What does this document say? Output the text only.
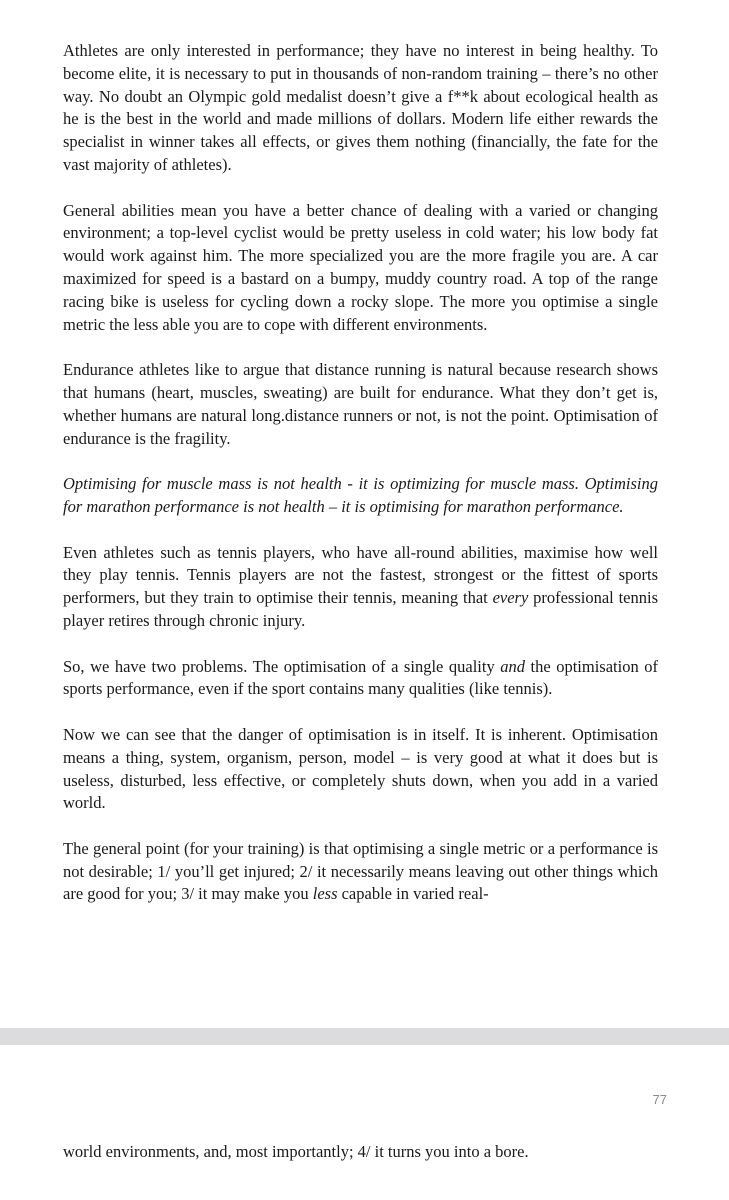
Athletes are only interested in performance; they have no interest in being healthy. To become elite, it is necessary to put in thousands of non-random training – there’s no other way. No doubt an Olympic gold medalist doesn’t give a f**k about ecological health as he is the best in the world and made millions of dollars. Modern life either rewards the specialist in winner takes all effects, or gives them nothing (financially, the fate for the vast majority of athletes).

General abilities mean you have a better chance of dealing with a varied or changing environment; a top-level cyclist would be pretty useless in cold water; his low body fat would work against him. The more specialized you are the more fragile you are. A car maximized for speed is a bastard on a bumpy, muddy country road. A top of the range racing bike is useless for cycling down a rocky slope. The more you optimise a single metric the less able you are to cope with different environments.

Endurance athletes like to argue that distance running is natural because research shows that humans (heart, muscles, sweating) are built for endurance. What they don’t get is, whether humans are natural long.distance runners or not, is not the point. Optimisation of endurance is the fragility.

Optimising for muscle mass is not health - it is optimizing for muscle mass. Optimising for marathon performance is not health – it is optimising for marathon performance.

Even athletes such as tennis players, who have all-round abilities, maximise how well they play tennis. Tennis players are not the fastest, strongest or the fittest of sports performers, but they train to optimise their tennis, meaning that every professional tennis player retires through chronic injury.

So, we have two problems. The optimisation of a single quality and the optimisation of sports performance, even if the sport contains many qualities (like tennis).

Now we can see that the danger of optimisation is in itself. It is inherent. Optimisation means a thing, system, organism, person, model – is very good at what it does but is useless, disturbed, less effective, or completely shuts down, when you add in a varied world.

The general point (for your training) is that optimising a single metric or a performance is not desirable; 1/ you’ll get injured; 2/ it necessarily means leaving out other things which are good for you; 3/ it may make you less capable in varied real-

77

world environments, and, most importantly; 4/ it turns you into a bore.
